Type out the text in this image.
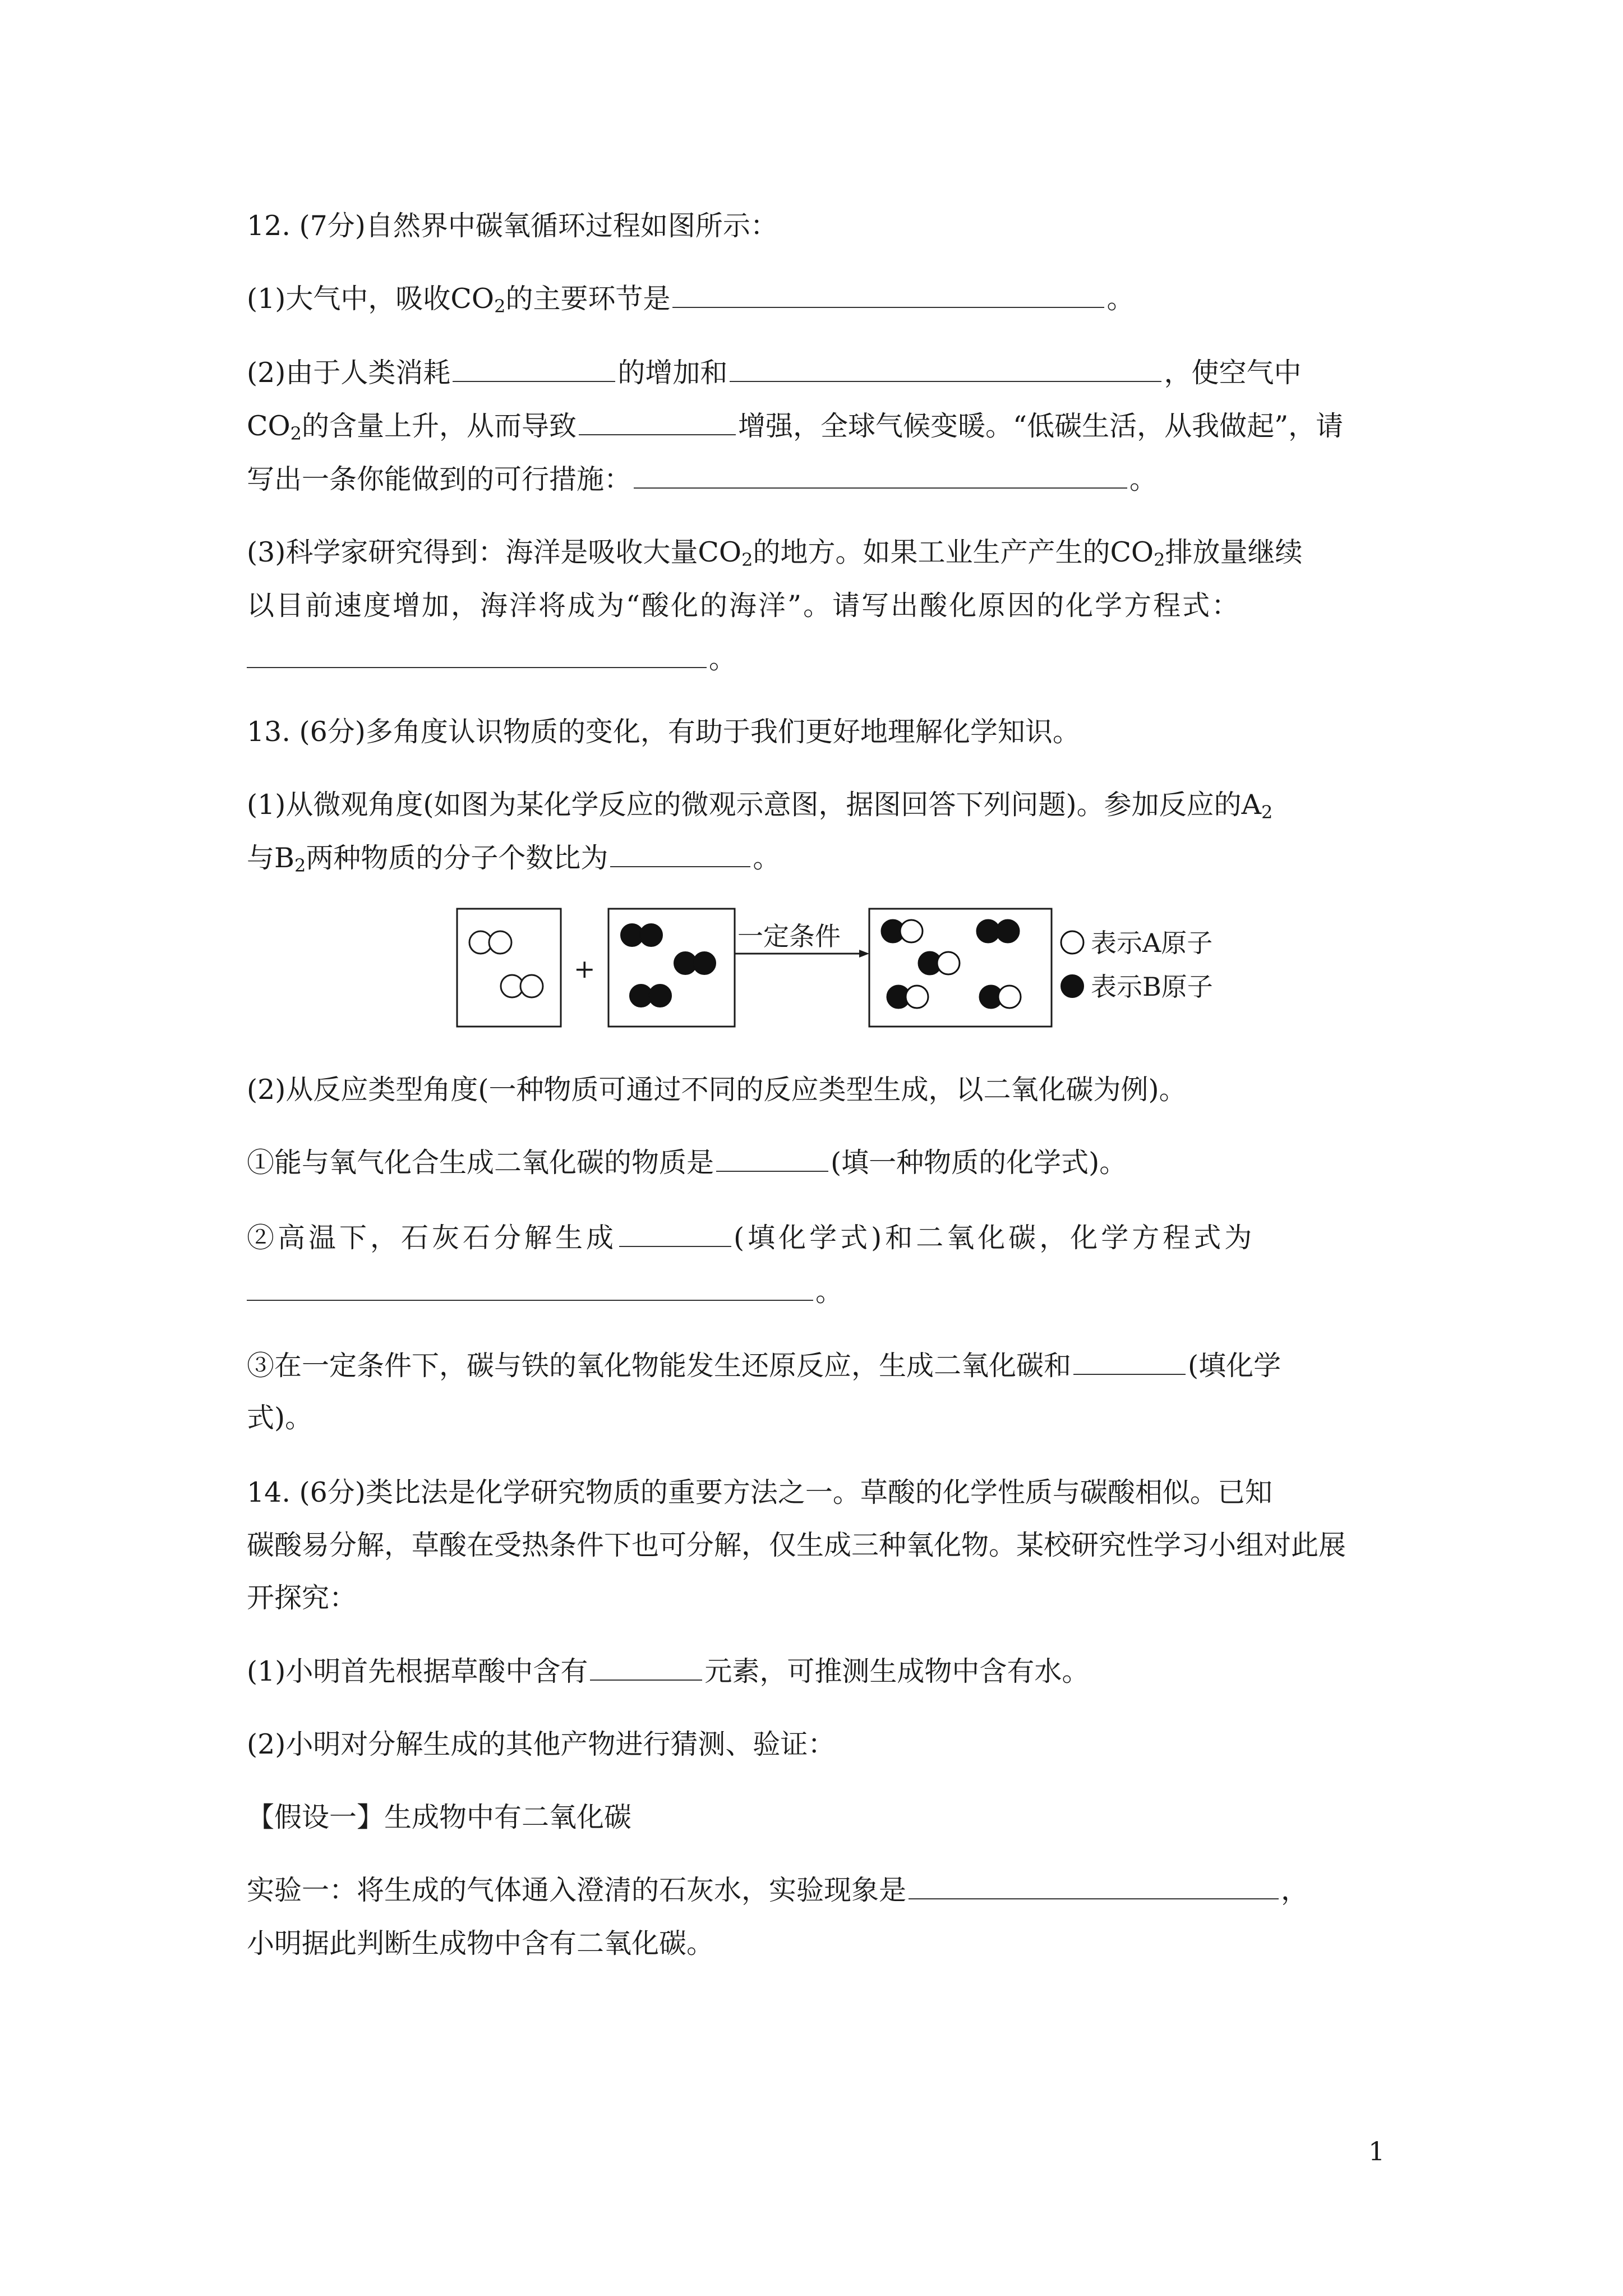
12. (7分)自然界中碳氧循环过程如图所示：
(1)大气中，吸收$CO_2$的主要环节是	。
(2)由于人类消耗	的增加和	，使空气中
$CO_2$的含量上升，从而导致	增强，全球气候变暖。“低碳生活，从我做起”，请
写出一条你能做到的可行措施：	。
(3)科学家研究得到：海洋是吸收大量$CO_2$的地方。如果工业生产产生的$CO_2$排放量继续
以目前速度增加，海洋将成为“酸化的海洋”。请写出酸化原因的化学方程式：
。
13. (6分)多角度认识物质的变化，有助于我们更好地理解化学知识。
(1)从微观角度(如图为某化学反应的微观示意图，据图回答下列问题)。参加反应的$A_2$
与$B_2$两种物质的分子个数比为	。
+
一定条件	表示A原子
表示B原子
(2)从反应类型角度(一种物质可通过不同的反应类型生成，以二氧化碳为例)。
①能与氧气化合生成二氧化碳的物质是	(填一种物质的化学式)。
②高温下，石灰石分解生成	(填化学式)和二氧化碳，化学方程式为
。
③在一定条件下，碳与铁的氧化物能发生还原反应，生成二氧化碳和	(填化学
式)。
14. (6分)类比法是化学研究物质的重要方法之一。草酸的化学性质与碳酸相似。已知
碳酸易分解，草酸在受热条件下也可分解，仅生成三种氧化物。某校研究性学习小组对此展
开探究：
(1)小明首先根据草酸中含有	元素，可推测生成物中含有水。
(2)小明对分解生成的其他产物进行猜测、验证：
【假设一】生成物中有二氧化碳
实验一：将生成的气体通入澄清的石灰水，实验现象是	，
小明据此判断生成物中含有二氧化碳。
1
